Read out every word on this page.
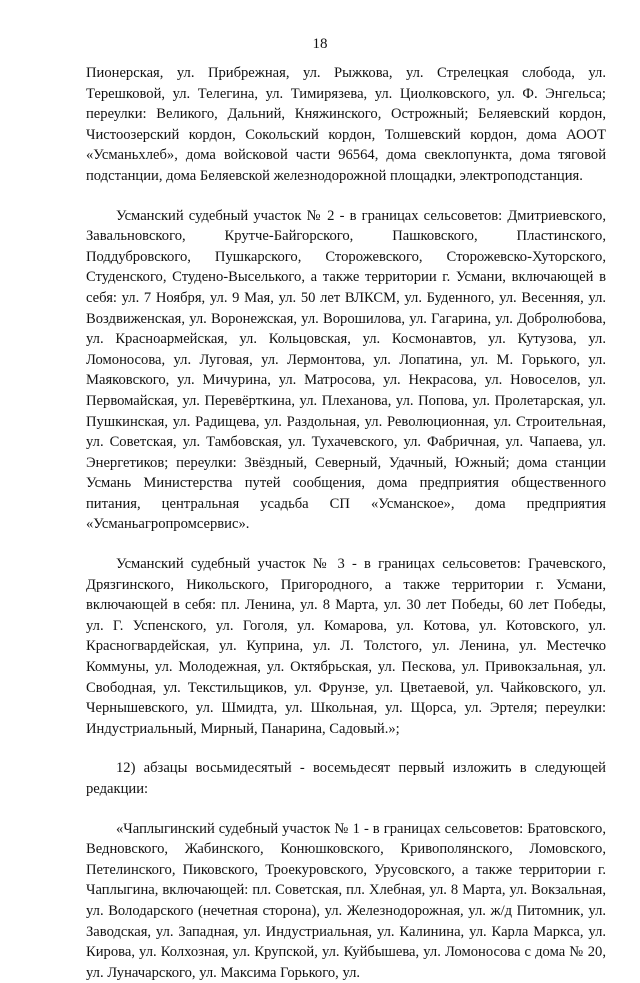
18

Пионерская, ул. Прибрежная, ул. Рыжкова, ул. Стрелецкая слобода, ул. Терешковой, ул. Телегина, ул. Тимирязева, ул. Циолковского, ул. Ф. Энгельса; переулки: Великого, Дальний, Княжинского, Острожный; Беляевский кордон, Чистоозерский кордон, Сокольский кордон, Толшевский кордон, дома АООТ «Усманьхлеб», дома войсковой части 96564, дома свеклопункта, дома тяговой подстанции, дома Беляевской железнодорожной площадки, электроподстанция.

Усманский судебный участок № 2 - в границах сельсоветов: Дмитриевского, Завальновского, Крутче-Байгорского, Пашковского, Пластинского, Поддубровского, Пушкарского, Сторожевского, Сторожевско-Хуторского, Студенского, Студено-Выселького, а также территории г. Усмани, включающей в себя: ул. 7 Ноября, ул. 9 Мая, ул. 50 лет ВЛКСМ, ул. Буденного, ул. Весенняя, ул. Воздвиженская, ул. Воронежская, ул. Ворошилова, ул. Гагарина, ул. Добролюбова, ул. Красноармейская, ул. Кольцовская, ул. Космонавтов, ул. Кутузова, ул. Ломоносова, ул. Луговая, ул. Лермонтова, ул. Лопатина, ул. М. Горького, ул. Маяковского, ул. Мичурина, ул. Матросова, ул. Некрасова, ул. Новоселов, ул. Первомайская, ул. Перевёрткина, ул. Плеханова, ул. Попова, ул. Пролетарская, ул. Пушкинская, ул. Радищева, ул. Раздольная, ул. Революционная, ул. Строительная, ул. Советская, ул. Тамбовская, ул. Тухачевского, ул. Фабричная, ул. Чапаева, ул. Энергетиков; переулки: Звёздный, Северный, Удачный, Южный; дома станции Усмань Министерства путей сообщения, дома предприятия общественного питания, центральная усадьба СП «Усманское», дома предприятия «Усманьагропромсервис».

Усманский судебный участок № 3 - в границах сельсоветов: Грачевского, Дрязгинского, Никольского, Пригородного, а также территории г. Усмани, включающей в себя: пл. Ленина, ул. 8 Марта, ул. 30 лет Победы, 60 лет Победы, ул. Г. Успенского, ул. Гоголя, ул. Комарова, ул. Котова, ул. Котовского, ул. Красногвардейская, ул. Куприна, ул. Л. Толстого, ул. Ленина, ул. Местечко Коммуны, ул. Молодежная, ул. Октябрьская, ул. Пескова, ул. Привокзальная, ул. Свободная, ул. Текстильщиков, ул. Фрунзе, ул. Цветаевой, ул. Чайковского, ул. Чернышевского, ул. Шмидта, ул. Школьная, ул. Щорса, ул. Эртеля; переулки: Индустриальный, Мирный, Панарина, Садовый.»;

12) абзацы восьмидесятый - восемьдесят первый изложить в следующей редакции:

«Чаплыгинский судебный участок № 1 - в границах сельсоветов: Братовского, Ведновского, Жабинского, Конюшковского, Кривополянского, Ломовского, Петелинского, Пиковского, Троекуровского, Урусовского, а также территории г. Чаплыгина, включающей: пл. Советская, пл. Хлебная, ул. 8 Марта, ул. Вокзальная, ул. Володарского (нечетная сторона), ул. Железнодорожная, ул. ж/д Питомник, ул. Заводская, ул. Западная, ул. Индустриальная, ул. Калинина, ул. Карла Маркса, ул. Кирова, ул. Колхозная, ул. Крупской, ул. Куйбышева, ул. Ломоносова с дома № 20, ул. Луначарского, ул. Максима Горького, ул.
